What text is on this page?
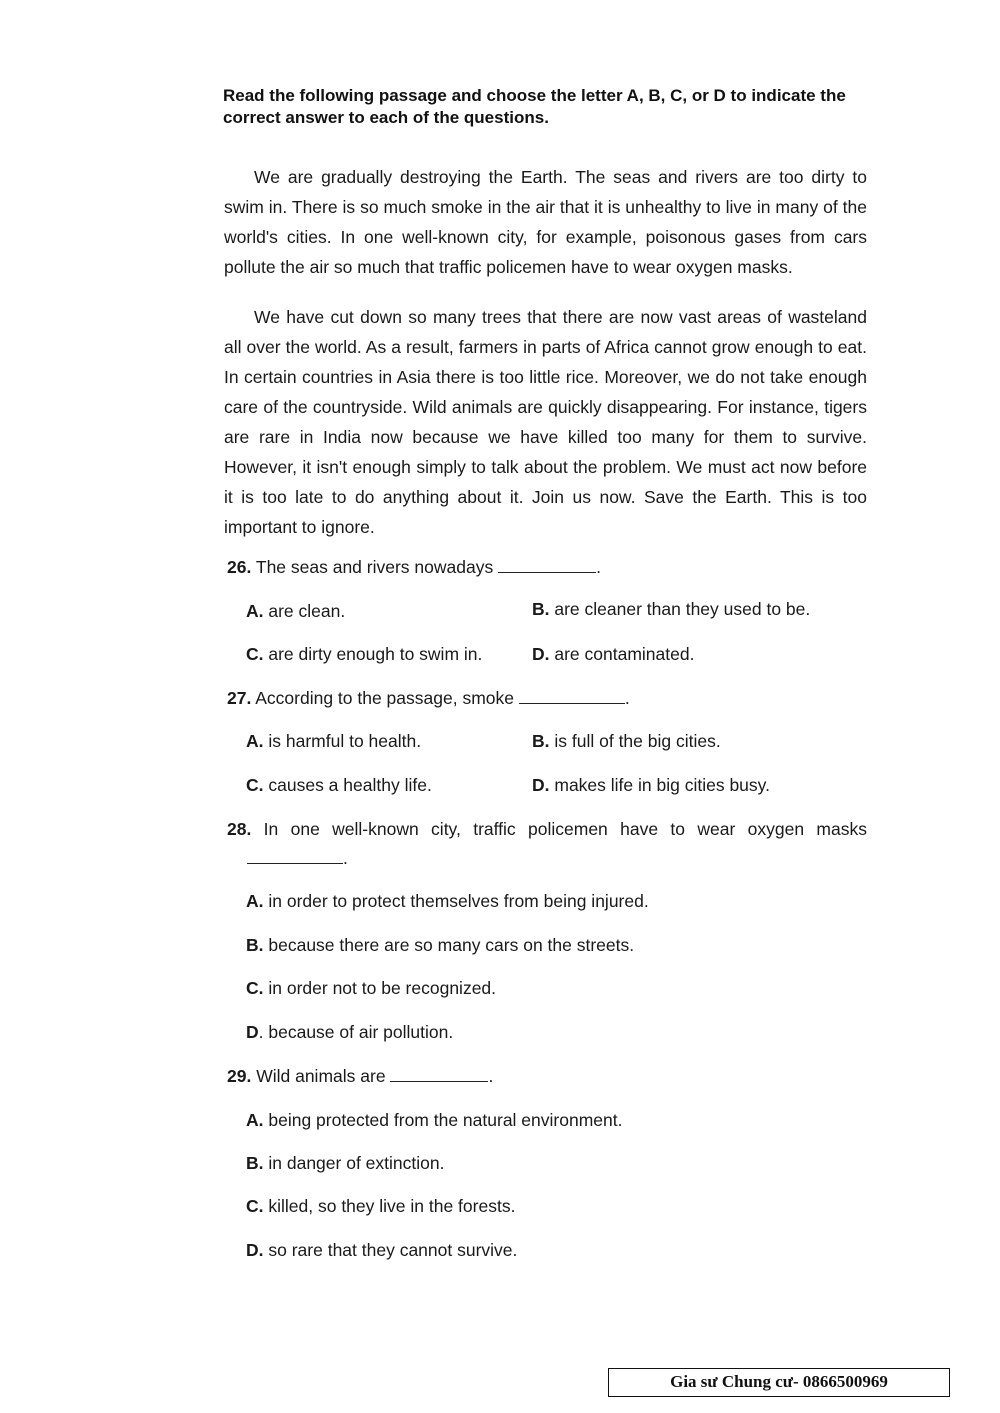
Read the following passage and choose the letter A, B, C, or D to indicate the correct answer to each of the questions.

We are gradually destroying the Earth. The seas and rivers are too dirty to swim in. There is so much smoke in the air that it is unhealthy to live in many of the world's cities. In one well-known city, for example, poisonous gases from cars pollute the air so much that traffic policemen have to wear oxygen masks.

We have cut down so many trees that there are now vast areas of wasteland all over the world. As a result, farmers in parts of Africa cannot grow enough to eat. In certain countries in Asia there is too little rice. Moreover, we do not take enough care of the countryside. Wild animals are quickly disappearing. For instance, tigers are rare in India now because we have killed too many for them to survive. However, it isn't enough simply to talk about the problem. We must act now before it is too late to do anything about it. Join us now. Save the Earth. This is too important to ignore.

26. The seas and rivers nowadays	.
A. are clean.	B. are cleaner than they used to be.
C. are dirty enough to swim in.	D. are contaminated.
27. According to the passage, smoke	.
A. is harmful to health.	B. is full of the big cities.
C. causes a healthy life.	D. makes life in big cities busy.
28. In one well-known city, traffic policemen have to wear oxygen masks
.
A. in order to protect themselves from being injured.
B. because there are so many cars on the streets.
C. in order not to be recognized.
D. because of air pollution.
29. Wild animals are	.
A. being protected from the natural environment.
B. in danger of extinction.
C. killed, so they live in the forests.
D. so rare that they cannot survive.
Gia sư Chung cư- 0866500969
